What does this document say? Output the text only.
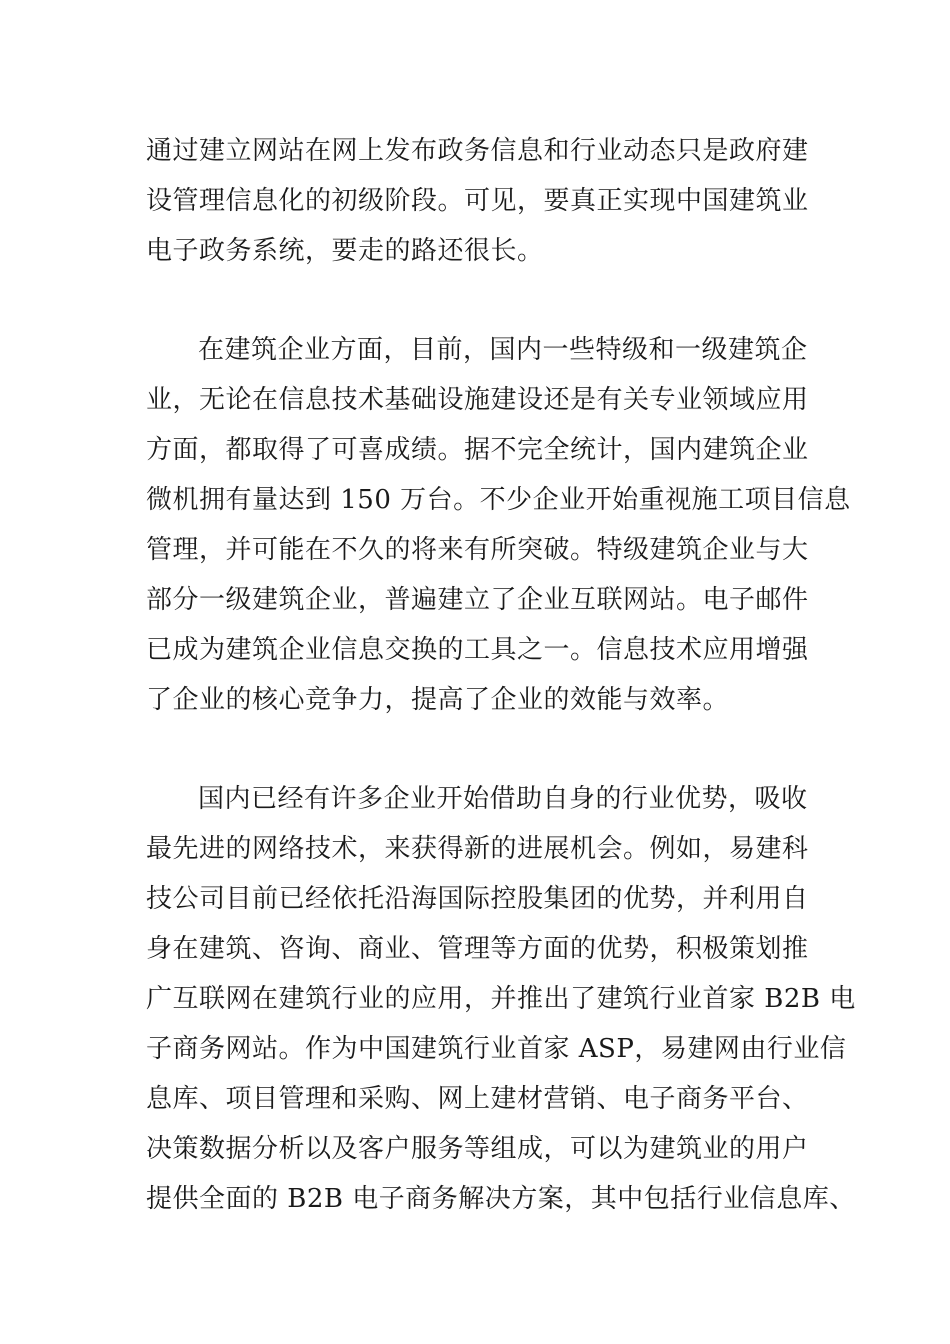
通过建立网站在网上发布政务信息和行业动态只是政府建
设管理信息化的初级阶段。可见，要真正实现中国建筑业
电子政务系统，要走的路还很长。
在建筑企业方面，目前，国内一些特级和一级建筑企
业，无论在信息技术基础设施建设还是有关专业领域应用
方面，都取得了可喜成绩。据不完全统计，国内建筑企业
微机拥有量达到 150 万台。不少企业开始重视施工项目信息
管理，并可能在不久的将来有所突破。特级建筑企业与大
部分一级建筑企业，普遍建立了企业互联网站。电子邮件
已成为建筑企业信息交换的工具之一。信息技术应用增强
了企业的核心竞争力，提高了企业的效能与效率。
国内已经有许多企业开始借助自身的行业优势，吸收
最先进的网络技术，来获得新的进展机会。例如，易建科
技公司目前已经依托沿海国际控股集团的优势，并利用自
身在建筑、咨询、商业、管理等方面的优势，积极策划推
广互联网在建筑行业的应用，并推出了建筑行业首家 B2B 电
子商务网站。作为中国建筑行业首家 ASP，易建网由行业信
息库、项目管理和采购、网上建材营销、电子商务平台、
决策数据分析以及客户服务等组成，可以为建筑业的用户
提供全面的 B2B 电子商务解决方案，其中包括行业信息库、
